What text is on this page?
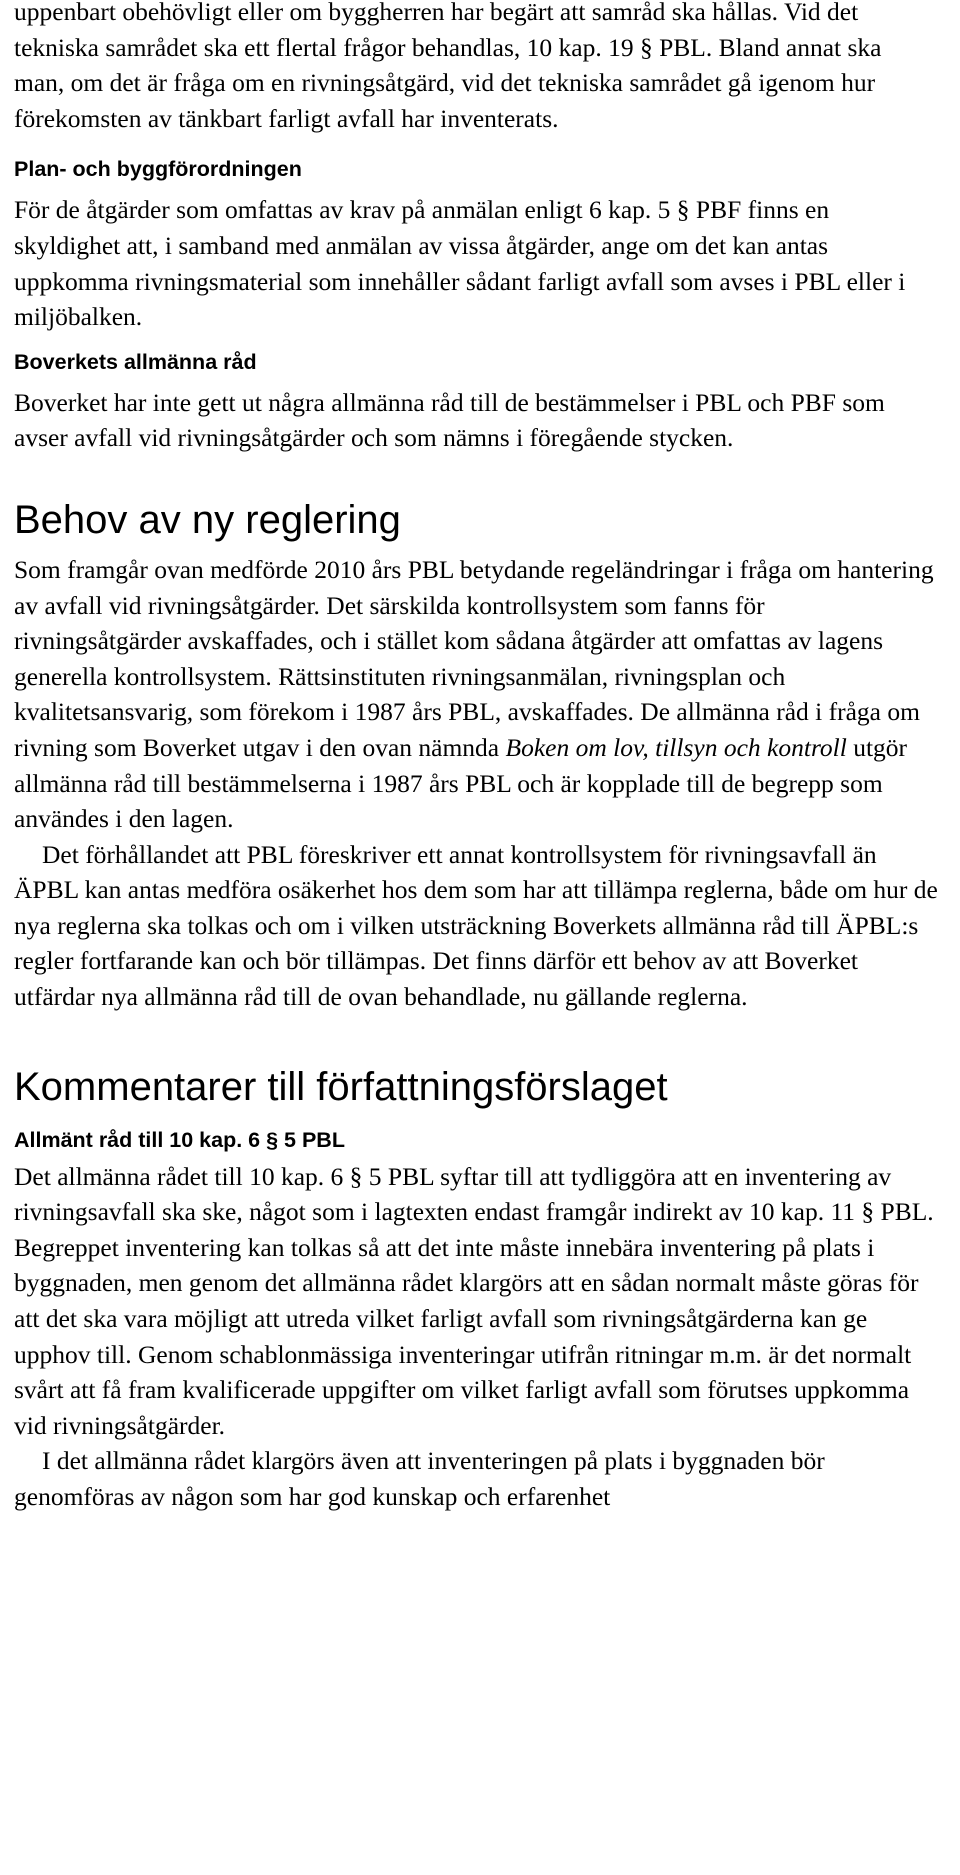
uppenbart obehövligt eller om byggherren har begärt att samråd ska hållas. Vid det tekniska samrådet ska ett flertal frågor behandlas, 10 kap. 19 § PBL. Bland annat ska man, om det är fråga om en rivningsåtgärd, vid det tekniska samrådet gå igenom hur förekomsten av tänkbart farligt avfall har inventerats.

Plan- och byggförordningen

För de åtgärder som omfattas av krav på anmälan enligt 6 kap. 5 § PBF finns en skyldighet att, i samband med anmälan av vissa åtgärder, ange om det kan antas uppkomma rivningsmaterial som innehåller sådant farligt avfall som avses i PBL eller i miljöbalken.

Boverkets allmänna råd

Boverket har inte gett ut några allmänna råd till de bestämmelser i PBL och PBF som avser avfall vid rivningsåtgärder och som nämns i föregående stycken.

Behov av ny reglering

Som framgår ovan medförde 2010 års PBL betydande regeländringar i fråga om hantering av avfall vid rivningsåtgärder. Det särskilda kontrollsystem som fanns för rivningsåtgärder avskaffades, och i stället kom sådana åtgärder att omfattas av lagens generella kontrollsystem. Rättsinstituten rivningsanmälan, rivningsplan och kvalitetsansvarig, som förekom i 1987 års PBL, avskaffades. De allmänna råd i fråga om rivning som Boverket utgav i den ovan nämnda Boken om lov, tillsyn och kontroll utgör allmänna råd till bestämmelserna i 1987 års PBL och är kopplade till de begrepp som användes i den lagen.

Det förhållandet att PBL föreskriver ett annat kontrollsystem för rivningsavfall än ÄPBL kan antas medföra osäkerhet hos dem som har att tillämpa reglerna, både om hur de nya reglerna ska tolkas och om i vilken utsträckning Boverkets allmänna råd till ÄPBL:s regler fortfarande kan och bör tillämpas. Det finns därför ett behov av att Boverket utfärdar nya allmänna råd till de ovan behandlade, nu gällande reglerna.

Kommentarer till författningsförslaget
Allmänt råd till 10 kap. 6 § 5 PBL

Det allmänna rådet till 10 kap. 6 § 5 PBL syftar till att tydliggöra att en inventering av rivningsavfall ska ske, något som i lagtexten endast framgår indirekt av 10 kap. 11 § PBL. Begreppet inventering kan tolkas så att det inte måste innebära inventering på plats i byggnaden, men genom det allmänna rådet klargörs att en sådan normalt måste göras för att det ska vara möjligt att utreda vilket farligt avfall som rivningsåtgärderna kan ge upphov till. Genom schablonmässiga inventeringar utifrån ritningar m.m. är det normalt svårt att få fram kvalificerade uppgifter om vilket farligt avfall som förutses uppkomma vid rivningsåtgärder.

I det allmänna rådet klargörs även att inventeringen på plats i byggnaden bör genomföras av någon som har god kunskap och erfarenhet
